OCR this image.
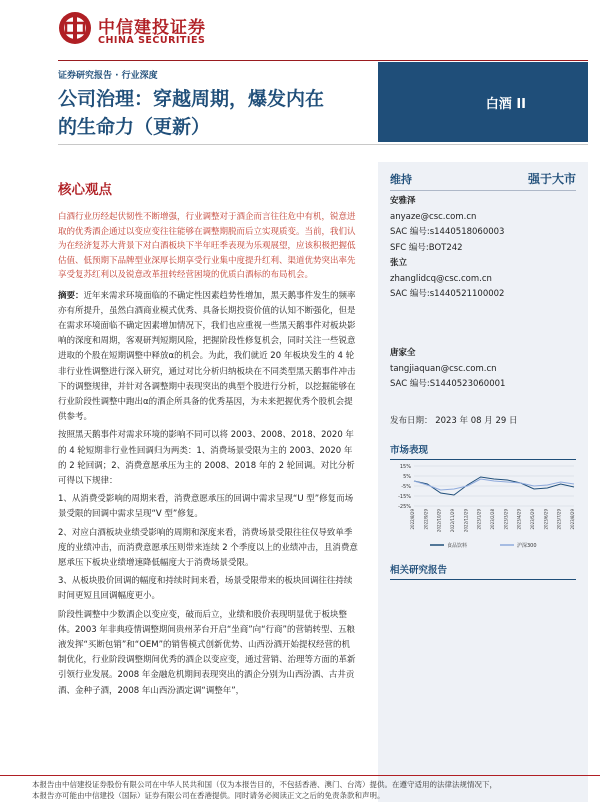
中信建投证券
CHINA SECURITIES
证券研究报告 · 行业深度
公司治理：穿越周期，爆发内在
的生命力（更新）
白酒 II
核心观点

白酒行业历经起伏韧性不断增强，行业调整对于酒企而言往往危中有机，锐意进取的优秀酒企通过以变应变往往能够在调整期脱而后立实现质变。当前，我们认为在经济复苏大背景下对白酒板块下半年旺季表现为乐观展望，应该积极把握低估值、低预期下品牌型业深厚长期享受行业集中度提升红利、渠道优势突出率先享受复苏红利以及锐意改革扭转经营困境的优质白酒标的布局机会。

摘要：近年来需求环境面临的不确定性因素趋势性增加，黑天鹅事件发生的频率亦有所提升，虽然白酒商业模式优秀、具备长期投资价值的认知不断强化，但是在需求环境面临不确定因素增加情况下，我们也应重视一些黑天鹅事件对板块影响的深度和周期，客观研判短期风险，把握阶段性修复机会，同时关注一些锐意进取的个股在短期调整中释放α的机会。为此，我们就近 20 年板块发生的 4 轮非行业性调整进行深入研究，通过对比分析归纳板块在不同类型黑天鹅事件冲击下的调整规律，并针对各调整期中表现突出的典型个股进行分析，以挖掘能够在行业阶段性调整中跑出α的酒企所具备的优秀基因，为未来把握优秀个股机会提供参考。

按照黑天鹅事件对需求环境的影响不同可以将 2003、2008、2018、2020 年的 4 轮短期非行业性回调归为两类：1、消费场景受限为主的 2003、2020 年的 2 轮回调；2、消费意愿承压为主的 2008、2018 年的 2 轮回调。对比分析可得以下规律：

1、从消费受影响的周期来看，消费意愿承压的回调中需求呈现“U 型”修复而场景受限的回调中需求呈现“V 型”修复。

2、对应白酒板块业绩受影响的周期和深度来看，消费场景受限往往仅导致单季度的业绩冲击，而消费意愿承压则带来连续 2 个季度以上的业绩冲击，且消费意愿承压下板块业绩增速降低幅度大于消费场景受限。

3、从板块股价回调的幅度和持续时间来看，场景受限带来的板块回调往往持续时间更短且回调幅度更小。

阶段性调整中少数酒企以变应变，破而后立，业绩和股价表现明显优于板块整体。2003 年非典疫情调整期间贵州茅台开启“坐商”向“行商”的营销转型、五粮液发挥“买断包销”和“OEM”的销售模式创新优势、山西汾酒开始提权经营的机制优化，行业阶段调整期间优秀的酒企以变应变，通过营销、治理等方面的革新引领行业发展。2008 年金融危机期间表现突出的酒企分别为山西汾酒、古井贡酒、金种子酒，2008 年山西汾酒定调“调整年”，

维持	强于大市
安雅泽
anyaze@csc.com.cn
SAC 编号:s1440518060003
SFC 编号:BOT242
张立
zhanglidcq@csc.com.cn
SAC 编号:s1440521100002
唐家全
tangjiaquan@csc.com.cn
SAC 编号:S1440523060001
发布日期： 2023 年 08 月 29 日
市场表现
15%
5%
-5%
-15%
-25%
2022/8/29 2022/9/29 2022/10/29 2022/11/29 2022/12/29 2023/1/29 2023/2/28 2023/3/29 2023/4/29 2023/5/29 2023/6/29 2023/7/29 2023/8/29
食品饮料	沪深300
相关研究报告
本报告由中信建投证券股份有限公司在中华人民共和国（仅为本报告目的，不包括香港、澳门、台湾）提供。在遵守适用的法律法规情况下，
本报告亦可能由中信建投（国际）证券有限公司在香港提供。同时请务必阅读正文之后的免责条款和声明。
